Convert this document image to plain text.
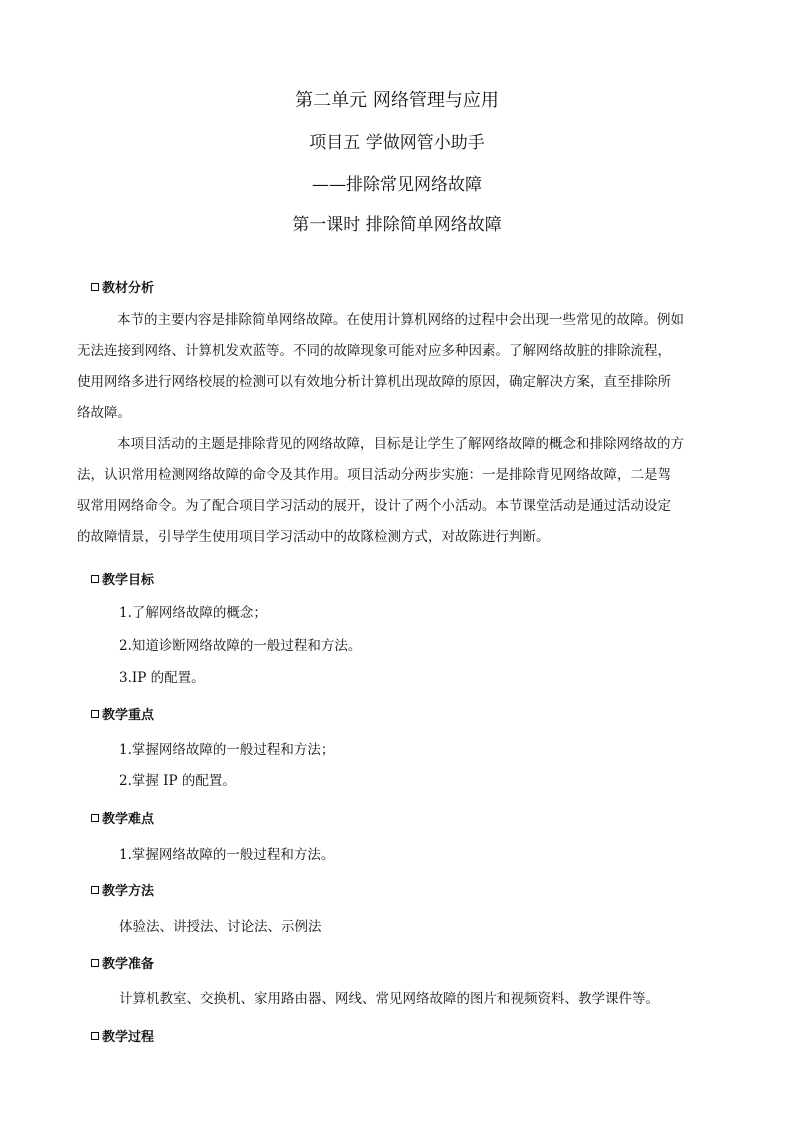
第二单元 网络管理与应用
项目五 学做网管小助手
——排除常见网络故障
第一课时 排除简单网络故障
教材分析
本节的主要内容是排除简单网络故障。在使用计算机网络的过程中会出现一些常见的故障。例如
无法连接到网络、计算机发欢蓝等。不同的故障现象可能对应多种因素。了解网络故脏的排除流程，
使用网络多进行网络校展的检测可以有效地分析计算机出现故障的原因，确定解决方案，直至排除所
络故障。
本项目活动的主题是排除背见的网络故障，目标是让学生了解网络故障的概念和排除网络故的方
法，认识常用检测网络故障的命令及其作用。项目活动分两步实施：一是排除背见网络故障，二是驾
驭常用网络命令。为了配合项目学习活动的展开，设计了两个小活动。本节课堂活动是通过活动设定
的故障情景，引导学生使用项目学习活动中的故隊检测方式，对故陈进行判断。
教学目标
1.了解网络故障的概念；
2.知道诊断网络故障的一般过程和方法。
3.IP 的配置。
教学重点
1.掌握网络故障的一般过程和方法；
2.掌握 IP 的配置。
教学难点
1.掌握网络故障的一般过程和方法。
教学方法
体验法、讲授法、讨论法、示例法
教学准备
计算机教室、交换机、家用路由器、网线、常见网络故障的图片和视频资料、教学课件等。
教学过程
